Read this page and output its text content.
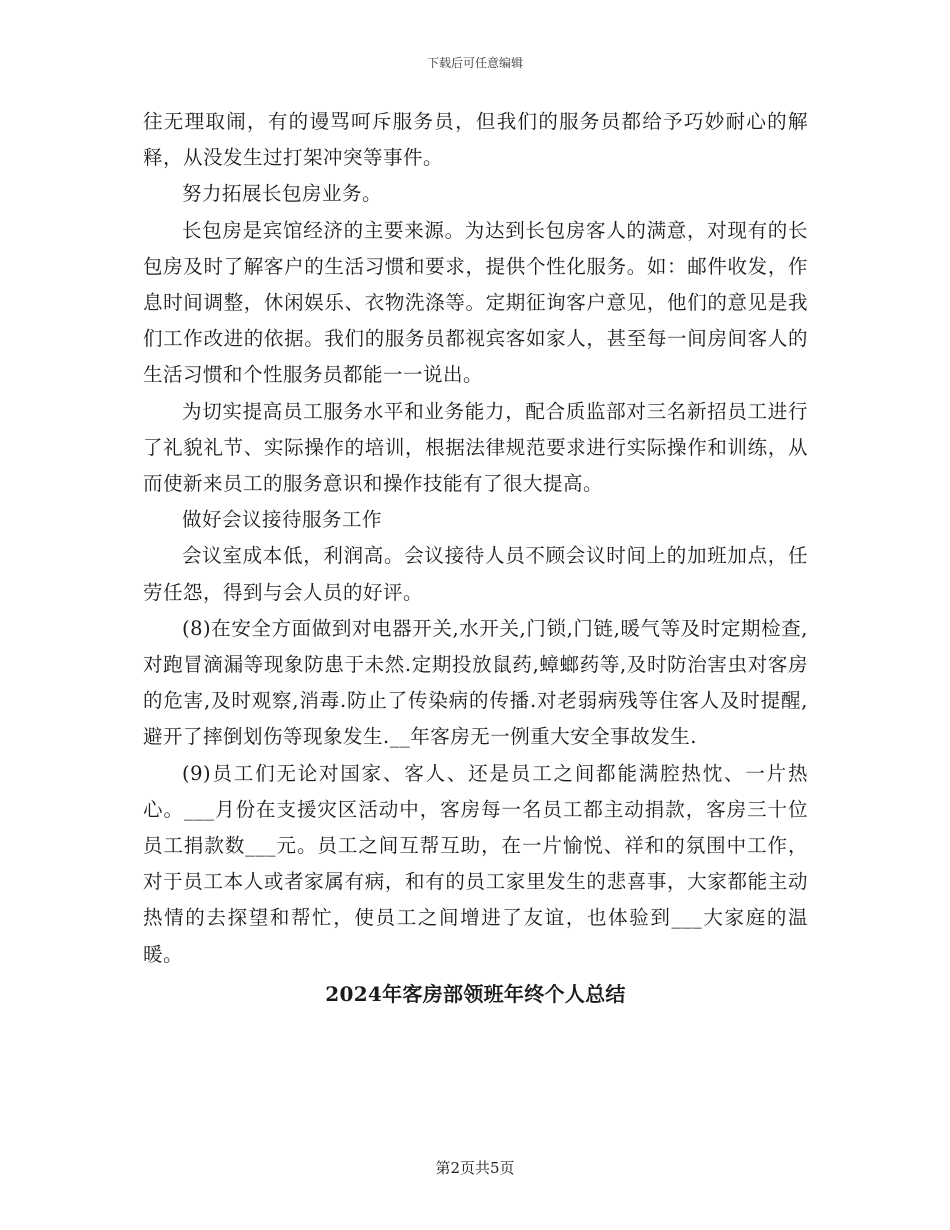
下载后可任意编辑

往无理取闹，有的谩骂呵斥服务员，但我们的服务员都给予巧妙耐心的解释，从没发生过打架冲突等事件。

努力拓展长包房业务。

长包房是宾馆经济的主要来源。为达到长包房客人的满意，对现有的长包房及时了解客户的生活习惯和要求，提供个性化服务。如：邮件收发，作息时间调整，休闲娱乐、衣物洗涤等。定期征询客户意见，他们的意见是我们工作改进的依据。我们的服务员都视宾客如家人，甚至每一间房间客人的生活习惯和个性服务员都能一一说出。

为切实提高员工服务水平和业务能力，配合质监部对三名新招员工进行了礼貌礼节、实际操作的培训，根据法律规范要求进行实际操作和训练，从而使新来员工的服务意识和操作技能有了很大提高。

做好会议接待服务工作

会议室成本低，利润高。会议接待人员不顾会议时间上的加班加点，任劳任怨，得到与会人员的好评。

(8)在安全方面做到对电器开关,水开关,门锁,门链,暖气等及时定期检查,对跑冒滴漏等现象防患于未然.定期投放鼠药,蟑螂药等,及时防治害虫对客房的危害,及时观察,消毒.防止了传染病的传播.对老弱病残等住客人及时提醒,避开了摔倒划伤等现象发生.__年客房无一例重大安全事故发生.

(9)员工们无论对国家、客人、还是员工之间都能满腔热忱、一片热心。___月份在支援灾区活动中，客房每一名员工都主动捐款，客房三十位员工捐款数___元。员工之间互帮互助，在一片愉悦、祥和的氛围中工作，对于员工本人或者家属有病，和有的员工家里发生的悲喜事，大家都能主动热情的去探望和帮忙，使员工之间增进了友谊，也体验到___大家庭的温暖。

2024年客房部领班年终个人总结
第2页共5页
